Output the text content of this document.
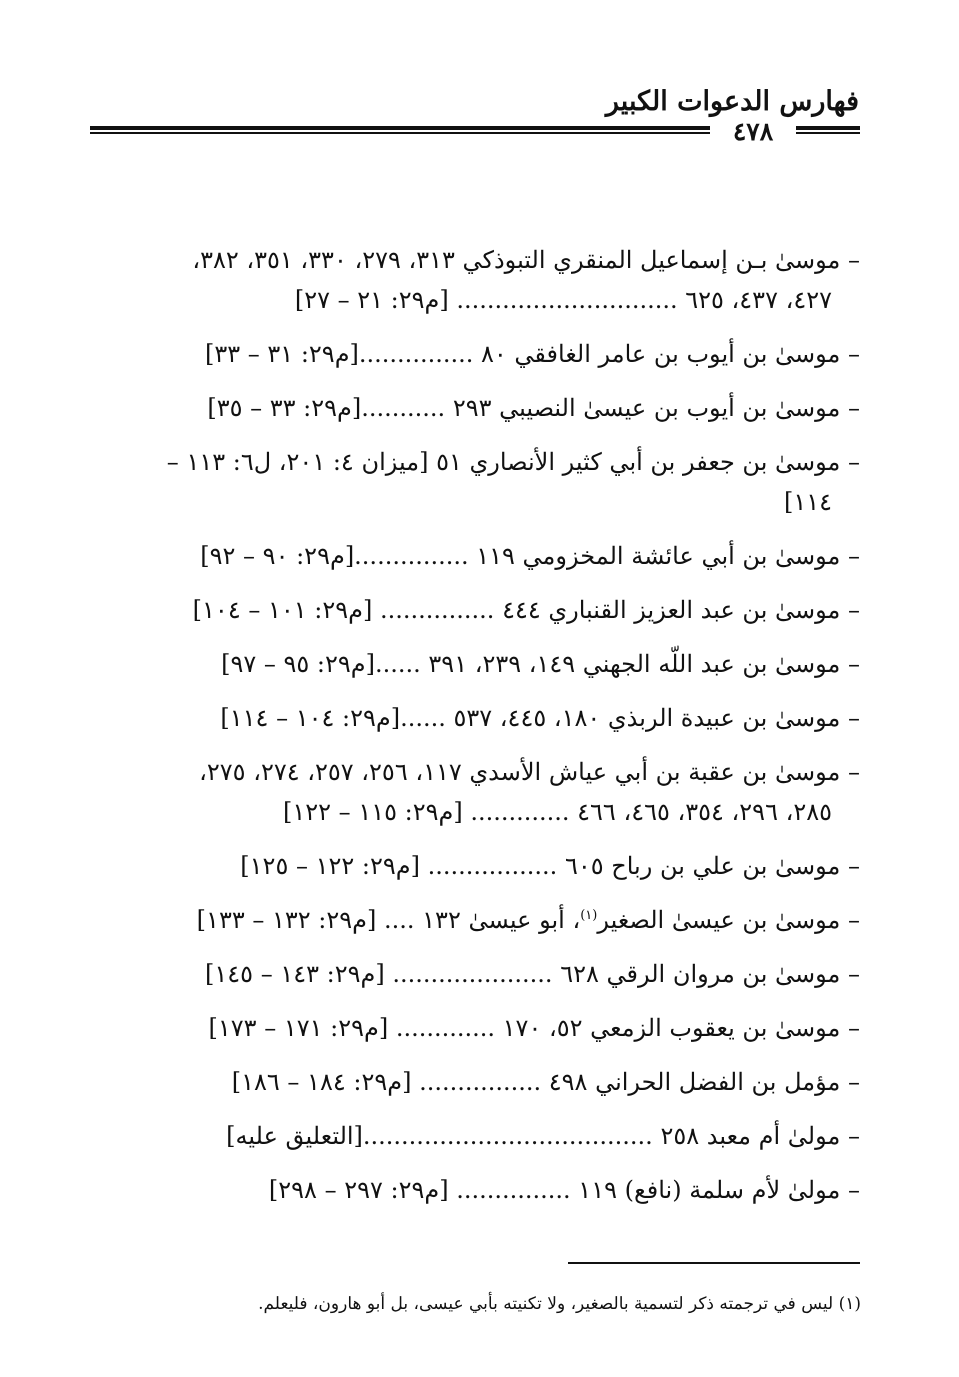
فهارس الدعوات الكبير
٤٧٨
– موسىٰ بـن إسماعيل المنقري التبوذكي ٣١٣، ٢٧٩، ٣٣٠، ٣٥١، ٣٨٢،
٤٢٧، ٤٣٧، ٦٢٥ ............................. [م٢٩: ٢١ – ٢٧]
– موسىٰ بن أيوب بن عامر الغافقي ٨٠ ...............[م٢٩: ٣١ – ٣٣]
– موسىٰ بن أيوب بن عيسىٰ النصيبي ٢٩٣ ...........[م٢٩: ٣٣ – ٣٥]
– موسىٰ بن جعفر بن أبي كثير الأنصاري ٥١ [ميزان ٤: ٢٠١، ل٦: ١١٣ –
١١٤]
– موسىٰ بن أبي عائشة المخزومي ١١٩ ...............[م٢٩: ٩٠ – ٩٢]
– موسىٰ بن عبد العزيز القنباري ٤٤٤ ............... [م٢٩: ١٠١ – ١٠٤]
– موسىٰ بن عبد اللّه الجهني ١٤٩، ٢٣٩، ٣٩١ ......[م٢٩: ٩٥ – ٩٧]
– موسىٰ بن عبيدة الربذي ١٨٠، ٤٤٥، ٥٣٧ ......[م٢٩: ١٠٤ – ١١٤]
– موسىٰ بن عقبة بن أبي عياش الأسدي ١١٧، ٢٥٦، ٢٥٧، ٢٧٤، ٢٧٥،
٢٨٥، ٢٩٦، ٣٥٤، ٤٦٥، ٤٦٦ ............. [م٢٩: ١١٥ – ١٢٢]
– موسىٰ بن علي بن رباح ٦٠٥ ................. [م٢٩: ١٢٢ – ١٢٥]
– موسىٰ بن عيسىٰ الصغير$^{(١)}$، أبو عيسىٰ ١٣٢ .... [م٢٩: ١٣٢ – ١٣٣]
– موسىٰ بن مروان الرقي ٦٢٨ ..................... [م٢٩: ١٤٣ – ١٤٥]
– موسىٰ بن يعقوب الزمعي ٥٢، ١٧٠ ............. [م٢٩: ١٧١ – ١٧٣]
– مؤمل بن الفضل الحراني ٤٩٨ ................ [م٢٩: ١٨٤ – ١٨٦]
– مولىٰ أم معبد ٢٥٨ ......................................[التعليق عليه]
– مولىٰ لأم سلمة (نافع) ١١٩ ............... [م٢٩: ٢٩٧ – ٢٩٨]
(١) ليس في ترجمته ذكر لتسمية بالصغير، ولا تكنيته بأبي عيسى، بل أبو هارون، فليعلم.
